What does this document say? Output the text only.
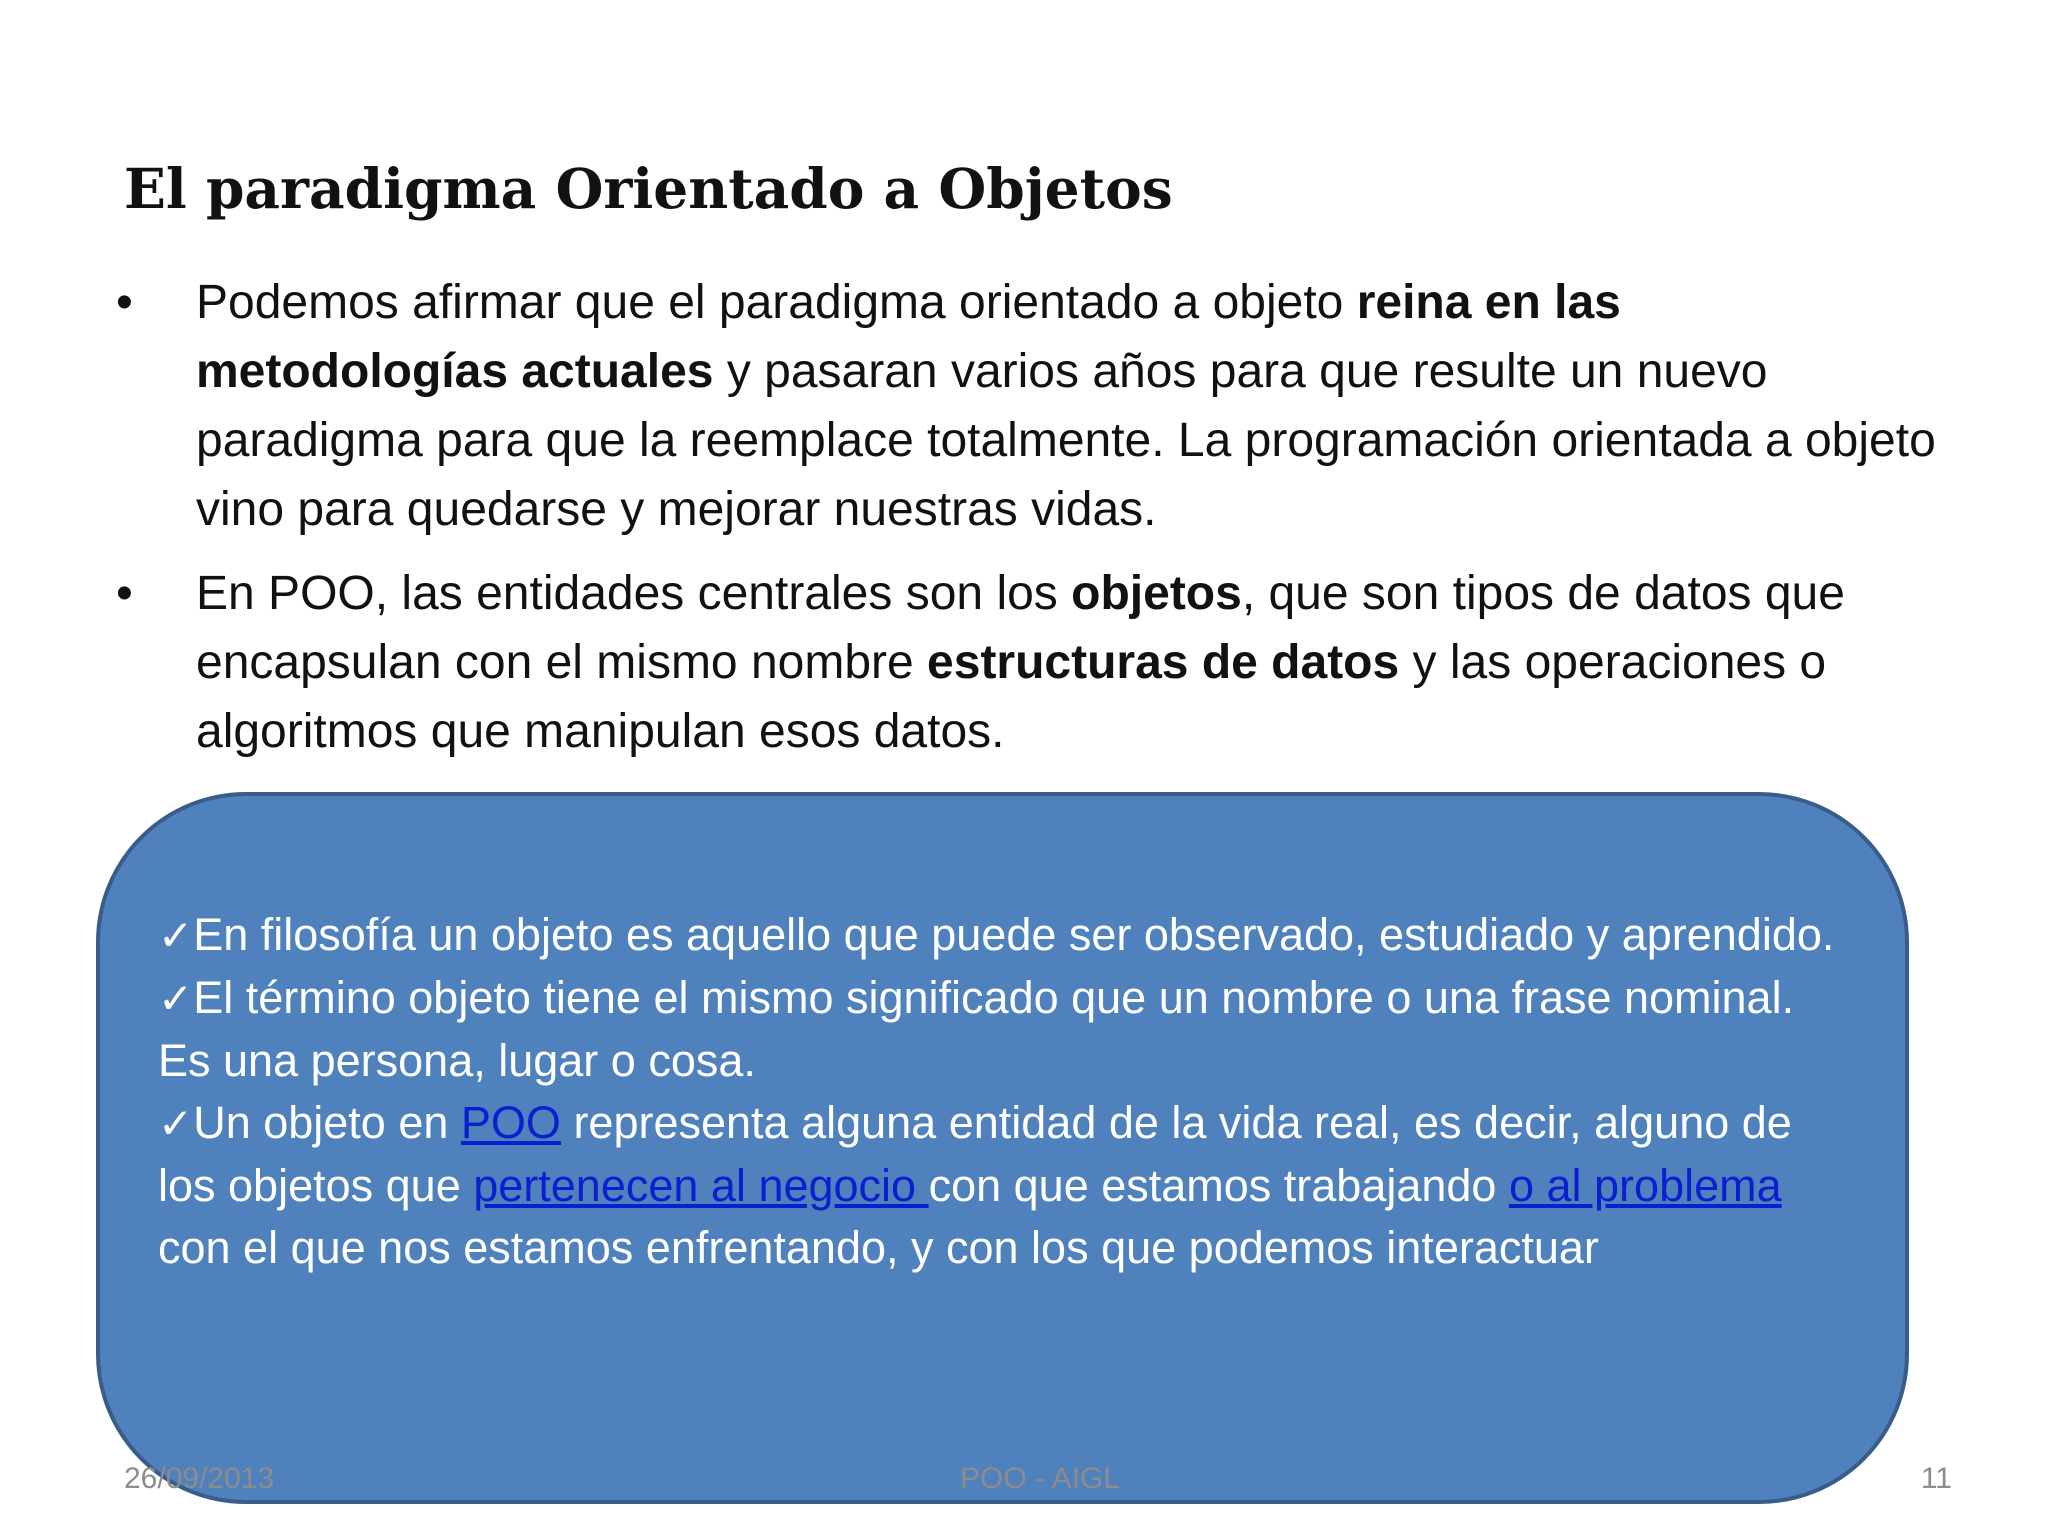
El paradigma Orientado a Objetos
• Podemos afirmar que el paradigma orientado a objeto reina en las metodologías actuales y pasaran varios años para que resulte un nuevo paradigma para que la reemplace totalmente. La programación orientada a objeto vino para quedarse y mejorar nuestras vidas.
• En POO, las entidades centrales son los objetos, que son tipos de datos que encapsulan con el mismo nombre estructuras de datos y las operaciones o algoritmos que manipulan esos datos.

✓En filosofía un objeto es aquello que puede ser observado, estudiado y aprendido.

✓El término objeto tiene el mismo significado que un nombre o una frase nominal. Es una persona, lugar o cosa.

✓Un objeto en POO representa alguna entidad de la vida real, es decir, alguno de los objetos que pertenecen al negocio con que estamos trabajando o al problema con el que nos estamos enfrentando, y con los que podemos interactuar

26/09/2013	POO - AIGL	11
